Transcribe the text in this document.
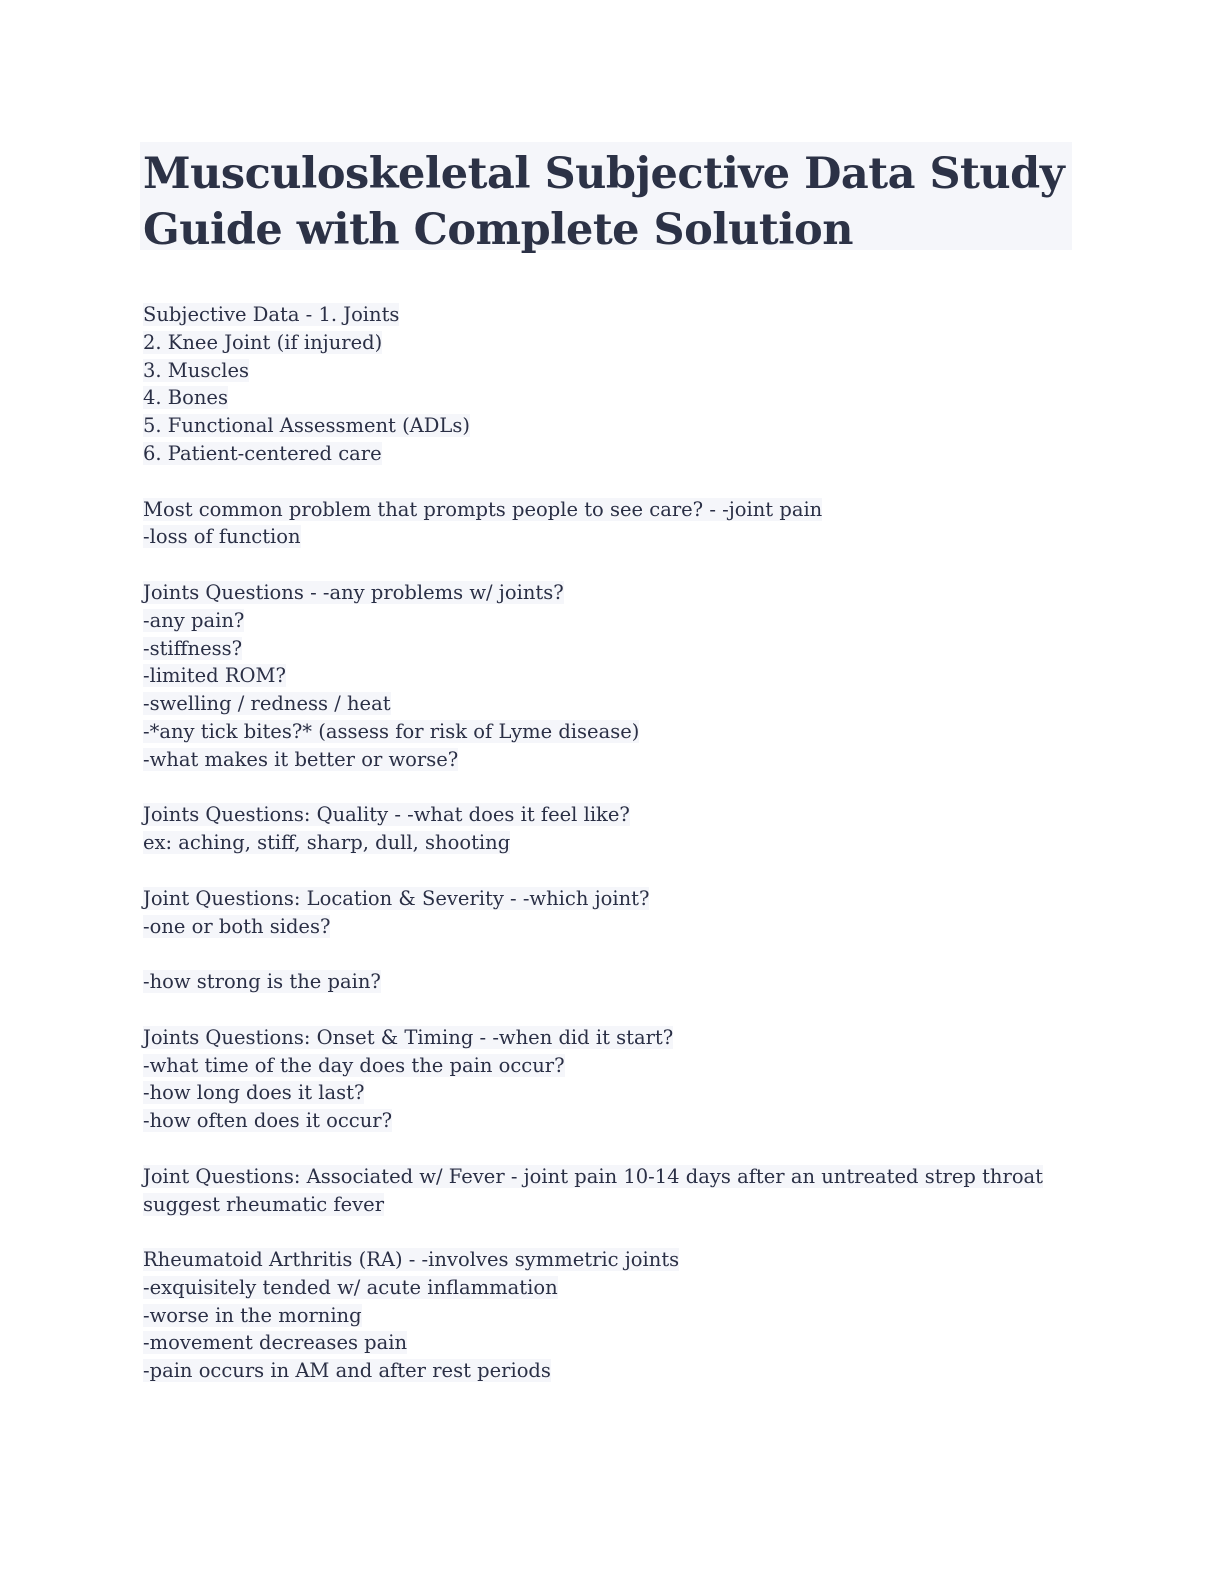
Musculoskeletal Subjective Data Study Guide with Complete Solution
Subjective Data - 1. Joints
2. Knee Joint (if injured)
3. Muscles
4. Bones
5. Functional Assessment (ADLs)
6. Patient-centered care
Most common problem that prompts people to see care? - -joint pain
-loss of function
Joints Questions - -any problems w/ joints?
-any pain?
-stiffness?
-limited ROM?
-swelling / redness / heat
-*any tick bites?* (assess for risk of Lyme disease)
-what makes it better or worse?
Joints Questions: Quality - -what does it feel like?
ex: aching, stiff, sharp, dull, shooting
Joint Questions: Location & Severity - -which joint?
-one or both sides?
-how strong is the pain?
Joints Questions: Onset & Timing - -when did it start?
-what time of the day does the pain occur?
-how long does it last?
-how often does it occur?
Joint Questions: Associated w/ Fever - joint pain 10-14 days after an untreated strep throat
suggest rheumatic fever
Rheumatoid Arthritis (RA) - -involves symmetric joints
-exquisitely tended w/ acute inflammation
-worse in the morning
-movement decreases pain
-pain occurs in AM and after rest periods
